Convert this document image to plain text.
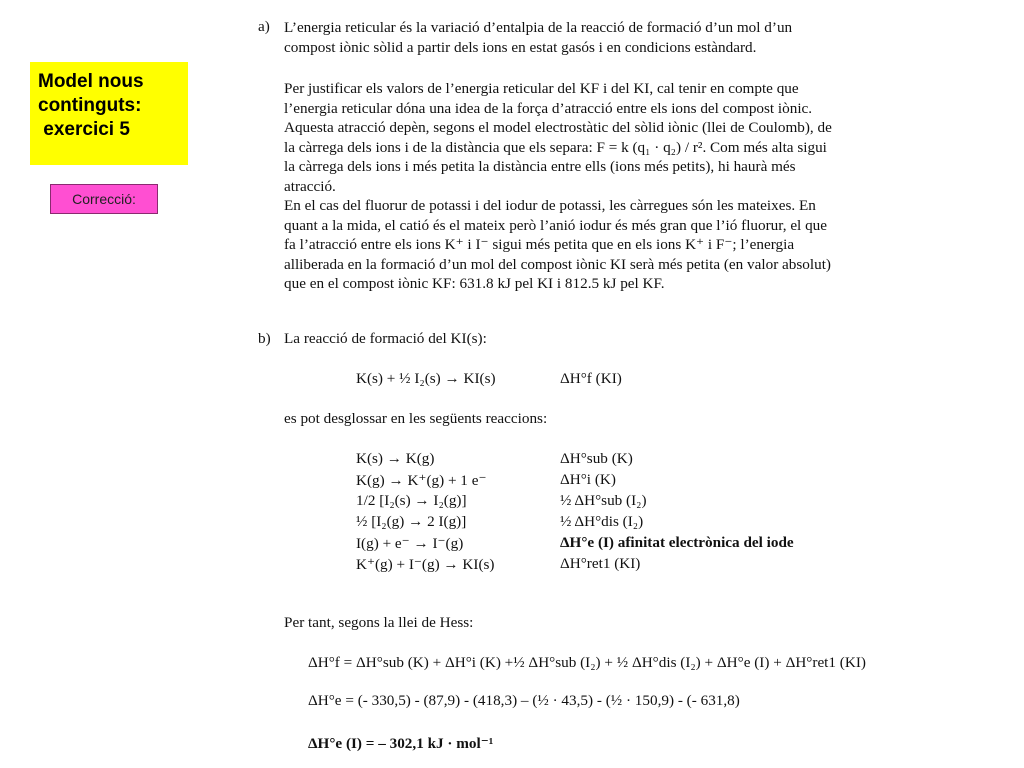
Model nous
continguts:
exercici 5
Correcció:
a) L’energia reticular és la variació d’entalpia de la reacció de formació d’un mol d’un
compost iònic sòlid a partir dels ions en estat gasós i en condicions estàndard.
Per justificar els valors de l’energia reticular del KF i del KI, cal tenir en compte que
l’energia reticular dóna una idea de la força d’atracció entre els ions del compost iònic.
Aquesta atracció depèn, segons el model electrostàtic del sòlid iònic (llei de Coulomb), de
la càrrega dels ions i de la distància que els separa: F = k (q₁ · q₂) / r². Com més alta sigui
la càrrega dels ions i més petita la distància entre ells (ions més petits), hi haurà més
atracció.
En el cas del fluorur de potassi i del iodur de potassi, les càrregues són les mateixes. En
quant a la mida, el catió és el mateix però l’anió iodur és més gran que l’ió fluorur, el que
fa l’atracció entre els ions K⁺ i I⁻ sigui més petita que en els ions K⁺ i F⁻; l’energia
alliberada en la formació d’un mol del compost iònic KI serà més petita (en valor absolut)
que en el compost iònic KF: 631.8 kJ pel KI i 812.5 kJ pel KF.
b) La reacció de formació del KI(s):
K(s) + ½ I₂(s) → KI(s)	ΔH°f (KI)
es pot desglossar en les següents reaccions:
K(s) → K(g)	ΔH°sub (K)
K(g) → K⁺(g) + 1 e⁻	ΔH°i (K)
1/2 [I₂(s) → I₂(g)]	½ ΔH°sub (I₂)
½ [I₂(g) → 2 I(g)]	½ ΔH°dis (I₂)
I(g) + e⁻ → I⁻(g)	ΔH°e (I) afinitat electrònica del iode
K⁺(g) + I⁻(g) → KI(s)	ΔH°ret1 (KI)
Per tant, segons la llei de Hess:
ΔH°f = ΔH°sub (K) + ΔH°i (K) +½ ΔH°sub (I₂) + ½ ΔH°dis (I₂) + ΔH°e (I) + ΔH°ret1 (KI)
ΔH°e = (- 330,5) - (87,9) - (418,3) – (½ · 43,5) - (½ · 150,9) - (- 631,8)
ΔH°e (I) = – 302,1 kJ · mol⁻¹
